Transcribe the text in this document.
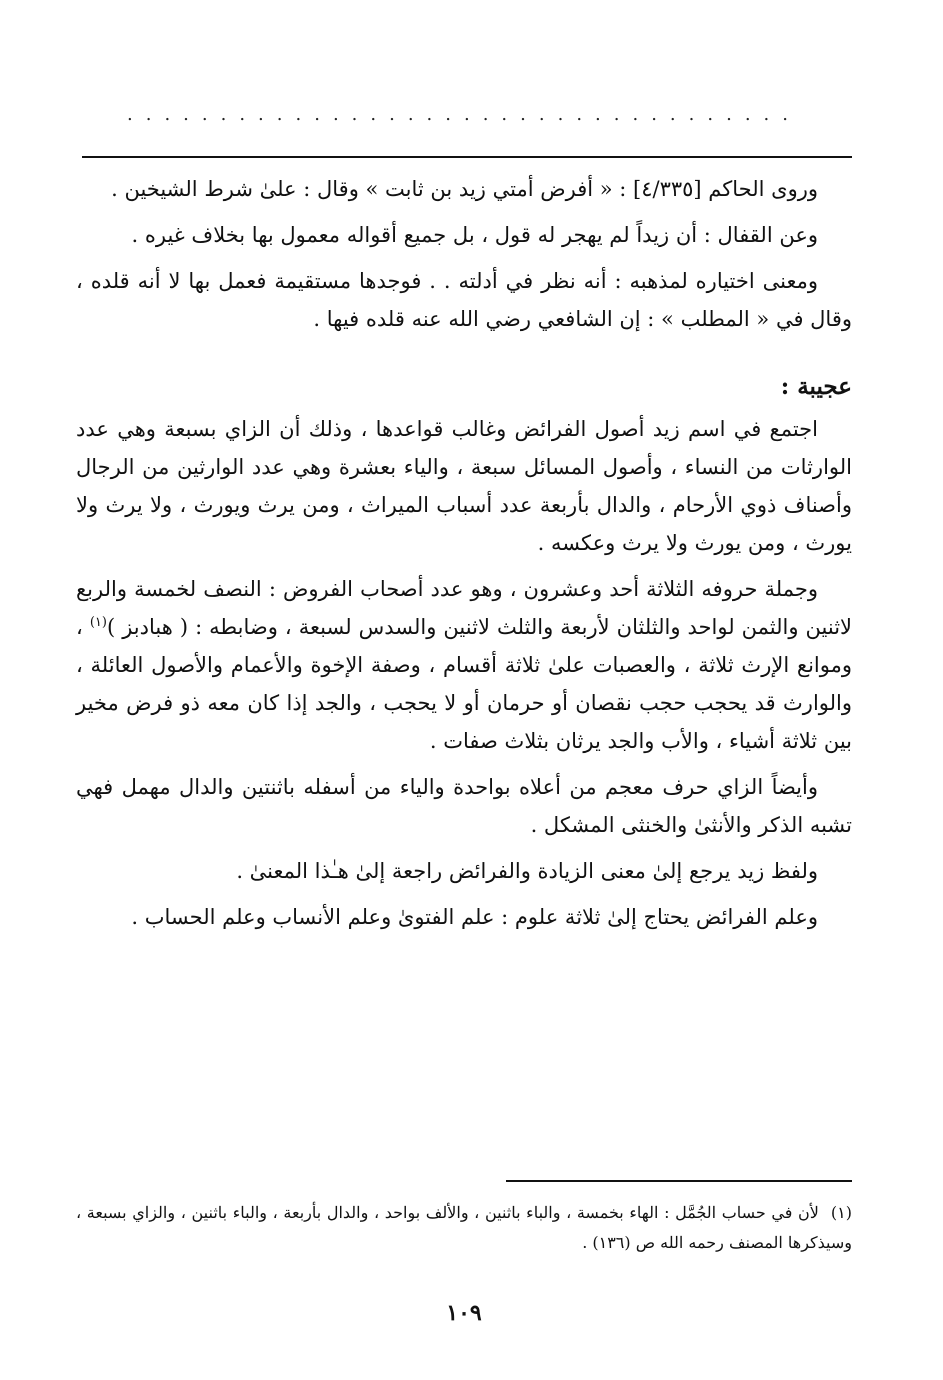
....................................

وروى الحاكم [٤/٣٣٥] : « أفرض أمتي زيد بن ثابت » وقال : علىٰ شرط الشيخين .

وعن القفال : أن زيداً لم يهجر له قول ، بل جميع أقواله معمول بها بخلاف غيره .

ومعنى اختياره لمذهبه : أنه نظر في أدلته . . فوجدها مستقيمة فعمل بها لا أنه قلده ، وقال في « المطلب » : إن الشافعي رضي الله عنه قلده فيها .

عجيبة :

اجتمع في اسم زيد أصول الفرائض وغالب قواعدها ، وذلك أن الزاي بسبعة وهي عدد الوارثات من النساء ، وأصول المسائل سبعة ، والياء بعشرة وهي عدد الوارثين من الرجال وأصناف ذوي الأرحام ، والدال بأربعة عدد أسباب الميراث ، ومن يرث ويورث ، ولا يرث ولا يورث ، ومن يورث ولا يرث وعكسه .

وجملة حروفه الثلاثة أحد وعشرون ، وهو عدد أصحاب الفروض : النصف لخمسة والربع لاثنين والثمن لواحد والثلثان لأربعة والثلث لاثنين والسدس لسبعة ، وضابطه : ( هبادبز )$^{(١)}$ ، وموانع الإرث ثلاثة ، والعصبات علىٰ ثلاثة أقسام ، وصفة الإخوة والأعمام والأصول العائلة ، والوارث قد يحجب حجب نقصان أو حرمان أو لا يحجب ، والجد إذا كان معه ذو فرض مخير بين ثلاثة أشياء ، والأب والجد يرثان بثلاث صفات .

وأيضاً الزاي حرف معجم من أعلاه بواحدة والياء من أسفله باثنتين والدال مهمل فهي تشبه الذكر والأنثىٰ والخنثى المشكل .

ولفظ زيد يرجع إلىٰ معنى الزيادة والفرائض راجعة إلىٰ هـٰذا المعنىٰ .

وعلم الفرائض يحتاج إلىٰ ثلاثة علوم : علم الفتوىٰ وعلم الأنساب وعلم الحساب .

(١)لأن في حساب الجُمَّل : الهاء بخمسة ، والباء باثنين ، والألف بواحد ، والدال بأربعة ، والباء باثنين ، والزاي بسبعة ، وسيذكرها المصنف رحمه الله ص (١٣٦) .
١٠٩
